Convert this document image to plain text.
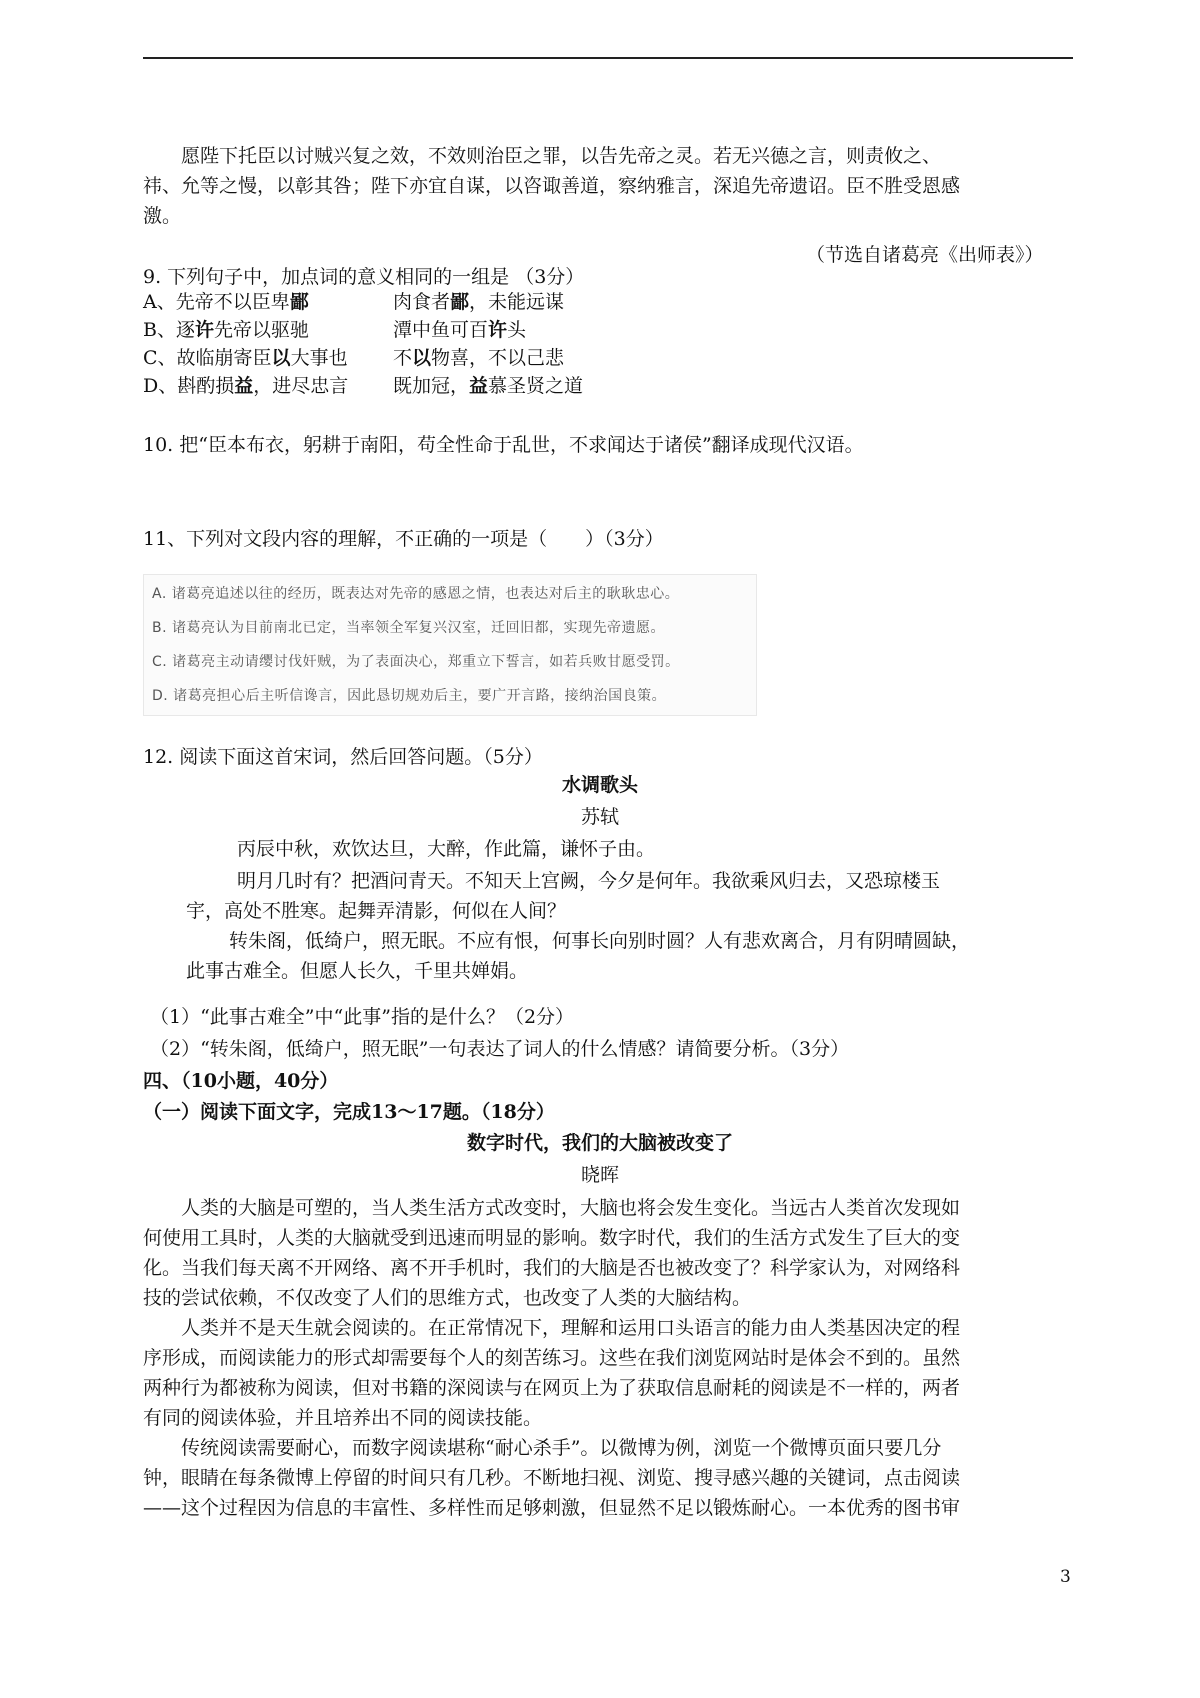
愿陛下托臣以讨贼兴复之效，不效则治臣之罪，以告先帝之灵。若无兴德之言，则责攸之、
祎、允等之慢，以彰其咎；陛下亦宜自谋，以咨诹善道，察纳雅言，深追先帝遗诏。臣不胜受恩感
激。
（节选自诸葛亮《出师表》）
9. 下列句子中，加点词的意义相同的一组是 （3分）
A、先帝不以臣卑鄙	肉食者鄙，未能远谋
B、逐许先帝以驱驰	潭中鱼可百许头
C、故临崩寄臣以大事也	不以物喜，不以己悲
D、斟酌损益，进尽忠言	既加冠，益慕圣贤之道
10. 把“臣本布衣，躬耕于南阳，苟全性命于乱世，不求闻达于诸侯”翻译成现代汉语。
11、下列对文段内容的理解，不正确的一项是（　　）（3分）
A. 诸葛亮追述以往的经历，既表达对先帝的感恩之情，也表达对后主的耿耿忠心。
B. 诸葛亮认为目前南北已定，当率领全军复兴汉室，迁回旧都，实现先帝遗愿。
C. 诸葛亮主动请缨讨伐奸贼，为了表面决心，郑重立下誓言，如若兵败甘愿受罚。
D. 诸葛亮担心后主听信谗言，因此恳切规劝后主，要广开言路，接纳治国良策。
12. 阅读下面这首宋词，然后回答问题。（5分）
水调歌头
苏轼
丙辰中秋，欢饮达旦，大醉，作此篇，谦怀子由。
明月几时有？把酒问青天。不知天上宫阙，今夕是何年。我欲乘风归去，又恐琼楼玉
宇，高处不胜寒。起舞弄清影，何似在人间？
转朱阁，低绮户，照无眠。不应有恨，何事长向别时圆？人有悲欢离合，月有阴晴圆缺，
此事古难全。但愿人长久，千里共婵娟。
（1）“此事古难全”中“此事”指的是什么？（2分）
（2）“转朱阁，低绮户，照无眠”一句表达了词人的什么情感？请简要分析。（3分）
四、（10小题，40分）
（一）阅读下面文字，完成13～17题。（18分）
数字时代，我们的大脑被改变了
晓晖
人类的大脑是可塑的，当人类生活方式改变时，大脑也将会发生变化。当远古人类首次发现如
何使用工具时，人类的大脑就受到迅速而明显的影响。数字时代，我们的生活方式发生了巨大的变
化。当我们每天离不开网络、离不开手机时，我们的大脑是否也被改变了？科学家认为，对网络科
技的尝试依赖，不仅改变了人们的思维方式，也改变了人类的大脑结构。
人类并不是天生就会阅读的。在正常情况下，理解和运用口头语言的能力由人类基因决定的程
序形成，而阅读能力的形式却需要每个人的刻苦练习。这些在我们浏览网站时是体会不到的。虽然
两种行为都被称为阅读，但对书籍的深阅读与在网页上为了获取信息耐耗的阅读是不一样的，两者
有同的阅读体验，并且培养出不同的阅读技能。
传统阅读需要耐心，而数字阅读堪称“耐心杀手”。以微博为例，浏览一个微博页面只要几分
钟，眼睛在每条微博上停留的时间只有几秒。不断地扫视、浏览、搜寻感兴趣的关键词，点击阅读
——这个过程因为信息的丰富性、多样性而足够刺激，但显然不足以锻炼耐心。一本优秀的图书审
3
